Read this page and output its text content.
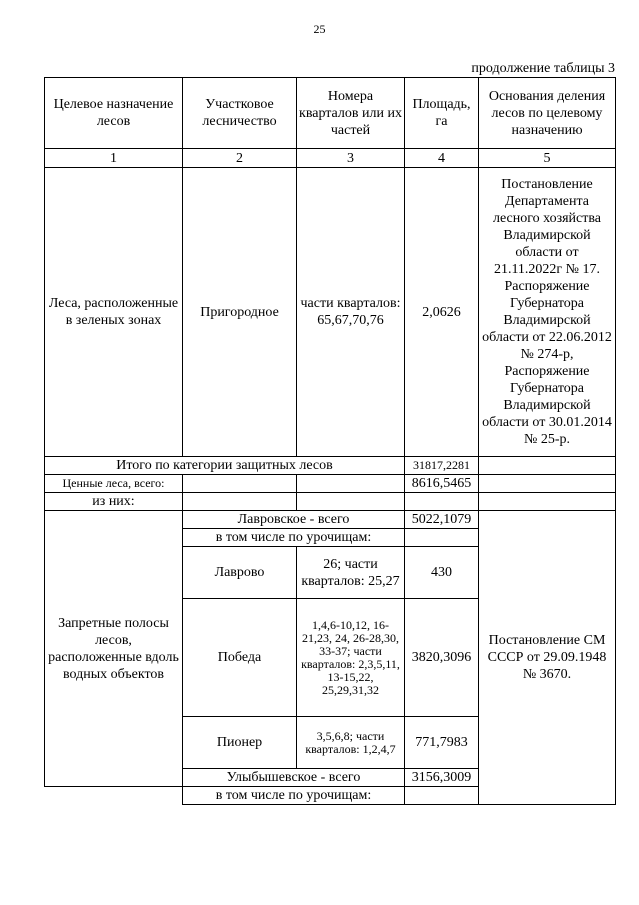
25
продолжение таблицы 3
Целевое назначение лесов	Участковое лесничество	Номера кварталов или их частей	Площадь, га	Основания деления лесов по целевому назначению
1	2	3	4	5
Леса, расположенные в зеленых зонах	Пригородное	части кварталов: 65,67,70,76	2,0626	Постановление Департамента лесного хозяйства Владимирской области от 21.11.2022г № 17. Распоряжение Губернатора Владимирской области от 22.06.2012 № 274-р, Распоряжение Губернатора Владимирской области от 30.01.2014 № 25-р.
Итого по категории защитных лесов			31817,2281	
Ценные леса, всего:			8616,5465	
из них:				
Запретные полосы лесов, расположенные вдоль водных объектов	Лавровское - всего		5022,1079	Постановление СМ СССР от 29.09.1948 № 3670.
	в том числе по урочищам:			
	Лаврово	26; части кварталов: 25,27	430	
	Победа	1,4,6-10,12, 16-21,23, 24, 26-28,30, 33-37; части кварталов: 2,3,5,11, 13-15,22, 25,29,31,32	3820,3096	
	Пионер	3,5,6,8; части кварталов: 1,2,4,7	771,7983	
	Улыбышевское - всего		3156,3009	
	в том числе по урочищам:			
